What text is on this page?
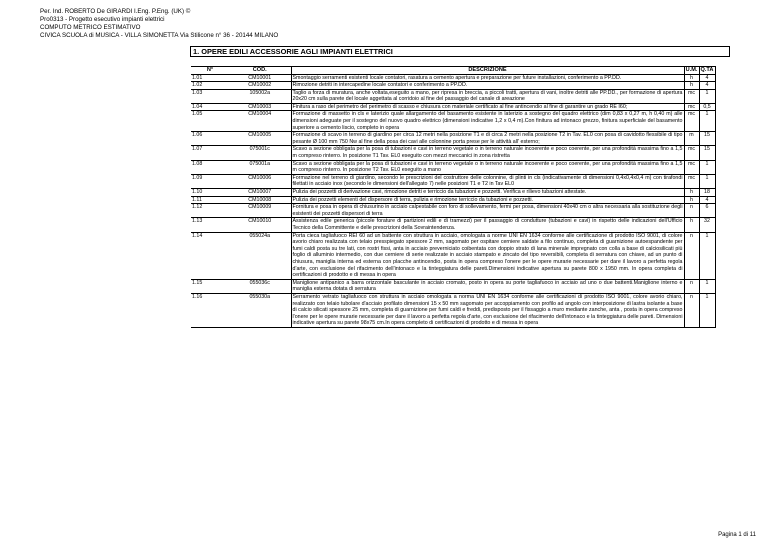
Per. Ind. ROBERTO De GIRARDI I.Eng. P.Eng. (UK) ©
Pro0313 - Progetto esecutivo impianti elettrici
COMPUTO METRICO ESTIMATIVO
CIVICA SCUOLA di MUSICA - VILLA SIMONETTA Via Stilicone n° 36 - 20144 MILANO
1. OPERE EDILI ACCESSORIE AGLI IMPIANTI ELETTRICI
N°	COD.	DESCRIZIONE	U.M.	Q.TA
1.01	CM10001	Smontaggio serramenti esistenti locale contatori, rasatura a cemento apertura e preparazione per future installazioni, conferimento a PP.DD.	h	4
1.02	CM10002	Rimozione detriti in intercapedine locale contatori e conferimento a PP.DD.	h	4
1.03	105002a	Taglio a forza di muratura, anche voltata,eseguito a mano, per ripresa in breccia, a piccoli tratti, apertura di vani, inoltre detriti alle PP.DD., per formazione di apertura 20x20 cm sulla parete del locale aggettata al corridoio al fine del passaggio del canale di areazione	mc	1
1.04	CM10003	Finitura a raso del perimetro del perimetro di scasso e chiusura con materiale certificato al fine antincendio al fine di garantire un grado RE I60;	mc	0,5
1.05	CM10004	Formazione di massetto in cls e laterizio quale allargamento del basamento esistente in laterizio a sostegno del quadro elettrico (dim 0,83 x 0,27 m, h 0,40 m) alle dimensioni adeguate per il sostegno del nuovo quadro elettrico (dimensioni indicative 1,2 x 0,4 m).Con finitura ad intonaco grezzo, finitura superficiale del basamento superiore a cemento liscio, completo in opera	mc	1
1.06	CM10005	Formazione di scavo in terreno di giardino per circa 12 metri nella posizione T1 e di circa 2 metri nella posizione T2 in Tav. EL0 con posa di cavidotto flessibile di tipo pesante Ø 100 mm 750 Nw al fine della posa dei cavi alle colonnine porta prese per le attività all' esterno;	m	15
1.07	075001c	Scavo a sezione obbligata per la posa di tubazioni e cavi in terreno vegetale o in terreno naturale incoerente e poco coerente, per una profondità massima fino a 1,5 m compreso rinterro. In posizione T1 Tav. EL0 eseguito con mezzi meccanici in zona ristretta	mc	15
1.08	075001a	Scavo a sezione obbligata per la posa di tubazioni e cavi in terreno vegetale o in terreno naturale incoerente e poco coerente, per una profondità massima fino a 1,5 m compreso rinterro. In posizione T2 Tav. EL0 eseguito a mano	mc	1
1.09	CM10006	Formazione nel terreno di giardino, secondo le prescrizioni del costruttore delle colonnine, di plinti in cls (indicativamente di dimensioni 0,4x0,4x0,4 m) con tirafondi filettati in acciaio inox (secondo le dimensioni dell'allegato 7) nelle posizioni T1 e T2 in Tav EL0	mc	1
1.10	CM10007	Pulizia dei pozzetti di derivazione cavi, rimozione detriti e terriccio da tubazioni e pozzetti. Verifica e rilievo tubazioni attestate.	h	18
1.11	CM10008	Pulizia dei pozzetti elementi del dispersore di terra, pulizia e rimozione terriccio da tubazioni e pozzetti.	h	4
1.12	CM10009	Fornitura e posa in opera di chiusurino in acciaio calpestabile con foro di sollevamento, fermi per posa, dimensioni 40x40 cm o altra necessaria alla sostituzione degli esistenti dei pozzetti dispersori di terra	n	6
1.13	CM10010	Assistenza edile generica (piccole forature di partizioni edili e di tramezzi) per il passaggio di condutture (tubazioni e cavi) in rispetto delle indicazioni dell'Ufficio Tecnico della Committente e delle prescrizioni della Sovraintendenza.	h	32
1.14	055024a	Porta cieca tagliafuoco REI 60 ad un battente con struttura in acciaio, omologata a norme UNI EN 1634 conforme alle certificazione di prodotto ISO 9001, di colore avorio chiaro realizzata con telaio presspiegato spessore 2 mm, sagomato per ospitare cerniere saldate a filo continuo, completa di guarnizione autoespandente per fumi caldi posta su tre lati, con rostri fissi, anta in acciaio preverniciato coibentata con doppio strato di lana minerale impregnato con colla a base di calciosilicati più foglio di alluminio intermedio, con due cerniere di serie realizzate in acciaio stampato e zincato del tipo reversibili, completa di serratura con chiave, ad un punto di chiusura, maniglia interna ed esterna con placche antincendio, posta in opera compreso l'onere per le opere murarie necessarie per dare il lavoro a perfetta regola d'arte, con esclusione del rifacimento dell'intonaco e la tinteggiatura delle pareti.Dimensioni indicative apertura su parete 800 x 1950 mm. In opera completa di certificazioni di prodotto e di messa in opera	n	1
1.15	055036c	Maniglione antipanico a barra orizzontale basculante in acciaio cromato, posto in opera su porte tagliafuoco in acciaio ad uno o due battenti.Maniglione interno e maniglia esterna dotata di serratura	n	1
1.16	055030a	Serramento vetrato tagliafuoco con struttura in acciaio omologata a norma UNI EN 1634 conforme alle certificazioni di prodotto ISO 9001, colore avorio chiaro, realizzato con telaio tubolare d'acciaio profilato dimensioni 15 x 50 mm sagomato per accoppiamento con profilo ad angolo con interposizione di lastra isolante a base di calcio silicati spessore 25 mm, completa di guarnizione per fumi caldi e freddi, predisposto per il fissaggio a muro mediante zanche, anta , posta in opera compreso l'onere per le opere murarie necessarie per dare il lavoro a perfetta regola d'arte, con esclusione del rifacimento dell'intonaco e la tinteggiatura delle pareti. Dimensioni indicative apertura su parete 98x75 cm.In opera completo di certificazioni di prodotto e di messa in opera	n	1
Pagina 1 di 11
